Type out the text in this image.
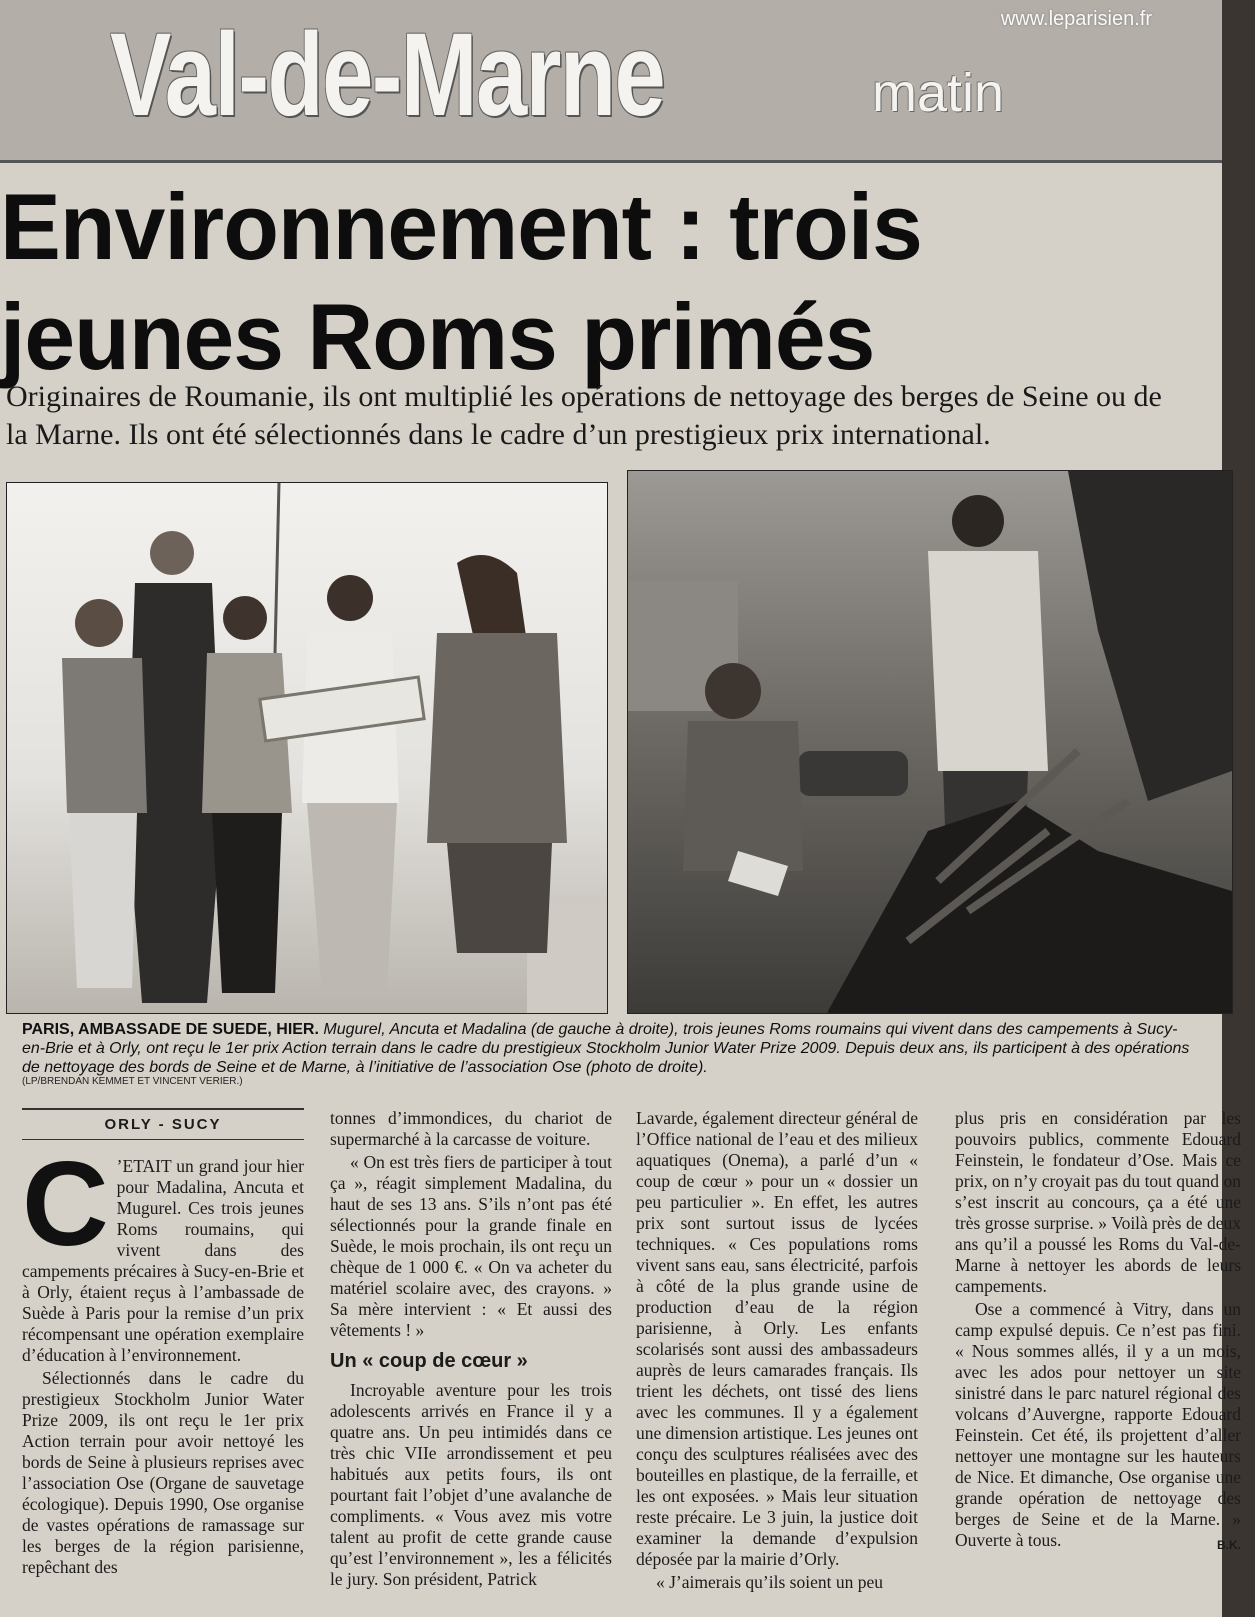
www.leparisien.fr
Val-de-Marne	matin
Environnement : trois
jeunes Roms primés
Originaires de Roumanie, ils ont multiplié les opérations de nettoyage des berges de Seine ou de la Marne. Ils ont été sélectionnés dans le cadre d’un prestigieux prix international.
PARIS, AMBASSADE DE SUEDE, HIER. Mugurel, Ancuta et Madalina (de gauche à droite), trois jeunes Roms roumains qui vivent dans des campements à Sucy-en-Brie et à Orly, ont reçu le 1er prix Action terrain dans le cadre du prestigieux Stockholm Junior Water Prize 2009. Depuis deux ans, ils participent à des opérations de nettoyage des bords de Seine et de Marne, à l’initiative de l’association Ose (photo de droite).
(LP/BRENDAN KEMMET ET VINCENT VERIER.)
ORLY - SUCY
C ’ETAIT un grand jour hier pour Madalina, Ancuta et Mugurel. Ces trois jeunes Roms roumains, qui vivent dans des campements précaires à Sucy-en-Brie et à Orly, étaient reçus à l’ambassade de Suède à Paris pour la remise d’un prix récompensant une opération exemplaire d’éducation à l’environnement.

Sélectionnés dans le cadre du prestigieux Stockholm Junior Water Prize 2009, ils ont reçu le 1er prix Action terrain pour avoir nettoyé les bords de Seine à plusieurs reprises avec l’association Ose (Organe de sauvetage écologique). Depuis 1990, Ose organise de vastes opérations de ramassage sur les berges de la région parisienne, repêchant des

tonnes d’immondices, du chariot de supermarché à la carcasse de voiture.

« On est très fiers de participer à tout ça », réagit simplement Madalina, du haut de ses 13 ans. S’ils n’ont pas été sélectionnés pour la grande finale en Suède, le mois prochain, ils ont reçu un chèque de 1 000 €. « On va acheter du matériel scolaire avec, des crayons. » Sa mère intervient : « Et aussi des vêtements ! »

Un « coup de cœur »

Incroyable aventure pour les trois adolescents arrivés en France il y a quatre ans. Un peu intimidés dans ce très chic VIIe arrondissement et peu habitués aux petits fours, ils ont pourtant fait l’objet d’une avalanche de compliments. « Vous avez mis votre talent au profit de cette grande cause qu’est l’environnement », les a félicités le jury. Son président, Patrick

Lavarde, également directeur général de l’Office national de l’eau et des milieux aquatiques (Onema), a parlé d’un « coup de cœur » pour un « dossier un peu particulier ». En effet, les autres prix sont surtout issus de lycées techniques. « Ces populations roms vivent sans eau, sans électricité, parfois à côté de la plus grande usine de production d’eau de la région parisienne, à Orly. Les enfants scolarisés sont aussi des ambassadeurs auprès de leurs camarades français. Ils trient les déchets, ont tissé des liens avec les communes. Il y a également une dimension artistique. Les jeunes ont conçu des sculptures réalisées avec des bouteilles en plastique, de la ferraille, et les ont exposées. » Mais leur situation reste précaire. Le 3 juin, la justice doit examiner la demande d’expulsion déposée par la mairie d’Orly.

« J’aimerais qu’ils soient un peu

plus pris en considération par les pouvoirs publics, commente Edouard Feinstein, le fondateur d’Ose. Mais ce prix, on n’y croyait pas du tout quand on s’est inscrit au concours, ça a été une très grosse surprise. » Voilà près de deux ans qu’il a poussé les Roms du Val-de-Marne à nettoyer les abords de leurs campements.

Ose a commencé à Vitry, dans un camp expulsé depuis. Ce n’est pas fini. « Nous sommes allés, il y a un mois, avec les ados pour nettoyer un site sinistré dans le parc naturel régional des volcans d’Auvergne, rapporte Edouard Feinstein. Cet été, ils projettent d’aller nettoyer une montagne sur les hauteurs de Nice. Et dimanche, Ose organise une grande opération de nettoyage des berges de Seine et de la Marne. » Ouverte à tous.	B.K.
